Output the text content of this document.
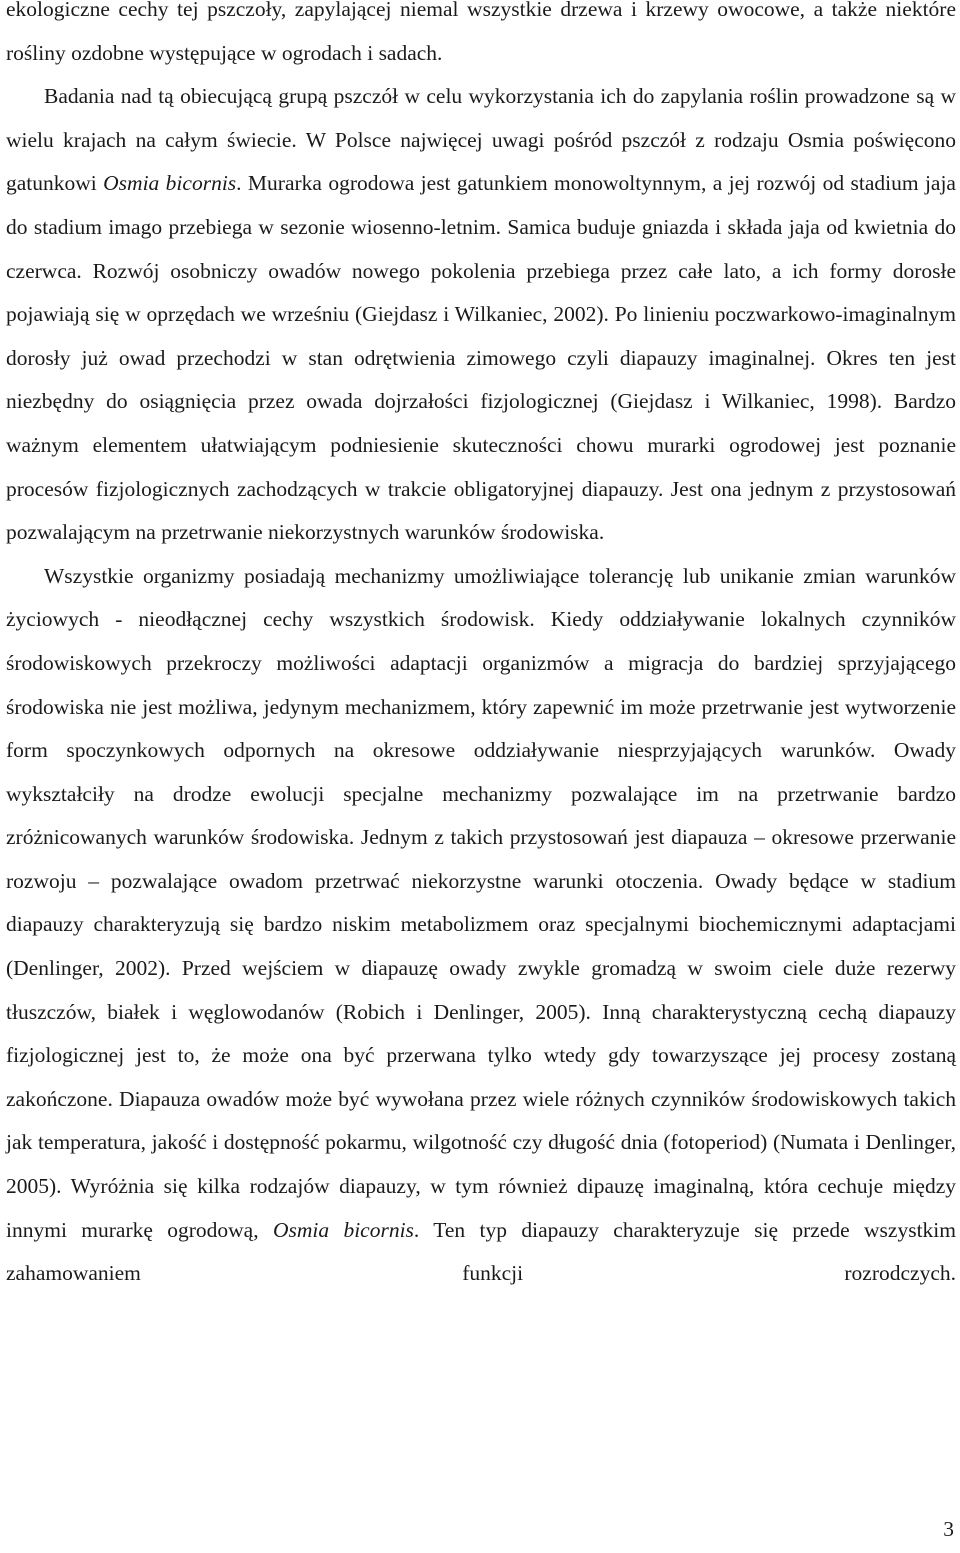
ekologiczne cechy tej pszczoły, zapylającej niemal wszystkie drzewa i krzewy owocowe, a także niektóre rośliny ozdobne występujące w ogrodach i sadach.

Badania nad tą obiecującą grupą pszczół w celu wykorzystania ich do zapylania roślin prowadzone są w wielu krajach na całym świecie. W Polsce najwięcej uwagi pośród pszczół z rodzaju Osmia poświęcono gatunkowi Osmia bicornis. Murarka ogrodowa jest gatunkiem monowoltynnym, a jej rozwój od stadium jaja do stadium imago przebiega w sezonie wiosenno-letnim. Samica buduje gniazda i składa jaja od kwietnia do czerwca. Rozwój osobniczy owadów nowego pokolenia przebiega przez całe lato, a ich formy dorosłe pojawiają się w oprzędach we wrześniu (Giejdasz i Wilkaniec, 2002). Po linieniu poczwarkowo-imaginalnym dorosły już owad przechodzi w stan odrętwienia zimowego czyli diapauzy imaginalnej. Okres ten jest niezbędny do osiągnięcia przez owada dojrzałości fizjologicznej (Giejdasz i Wilkaniec, 1998). Bardzo ważnym elementem ułatwiającym podniesienie skuteczności chowu murarki ogrodowej jest poznanie procesów fizjologicznych zachodzących w trakcie obligatoryjnej diapauzy. Jest ona jednym z przystosowań pozwalającym na przetrwanie niekorzystnych warunków środowiska.

Wszystkie organizmy posiadają mechanizmy umożliwiające tolerancję lub unikanie zmian warunków życiowych - nieodłącznej cechy wszystkich środowisk. Kiedy oddziaływanie lokalnych czynników środowiskowych przekroczy możliwości adaptacji organizmów a migracja do bardziej sprzyjającego środowiska nie jest możliwa, jedynym mechanizmem, który zapewnić im może przetrwanie jest wytworzenie form spoczynkowych odpornych na okresowe oddziaływanie niesprzyjających warunków. Owady wykształciły na drodze ewolucji specjalne mechanizmy pozwalające im na przetrwanie bardzo zróżnicowanych warunków środowiska. Jednym z takich przystosowań jest diapauza – okresowe przerwanie rozwoju – pozwalające owadom przetrwać niekorzystne warunki otoczenia. Owady będące w stadium diapauzy charakteryzują się bardzo niskim metabolizmem oraz specjalnymi biochemicznymi adaptacjami (Denlinger, 2002). Przed wejściem w diapauzę owady zwykle gromadzą w swoim ciele duże rezerwy tłuszczów, białek i węglowodanów (Robich i Denlinger, 2005). Inną charakterystyczną cechą diapauzy fizjologicznej jest to, że może ona być przerwana tylko wtedy gdy towarzyszące jej procesy zostaną zakończone. Diapauza owadów może być wywołana przez wiele różnych czynników środowiskowych takich jak temperatura, jakość i dostępność pokarmu, wilgotność czy długość dnia (fotoperiod) (Numata i Denlinger, 2005). Wyróżnia się kilka rodzajów diapauzy, w tym również dipauzę imaginalną, która cechuje między innymi murarkę ogrodową, Osmia bicornis. Ten typ diapauzy charakteryzuje się przede wszystkim zahamowaniem funkcji rozrodczych.

3
